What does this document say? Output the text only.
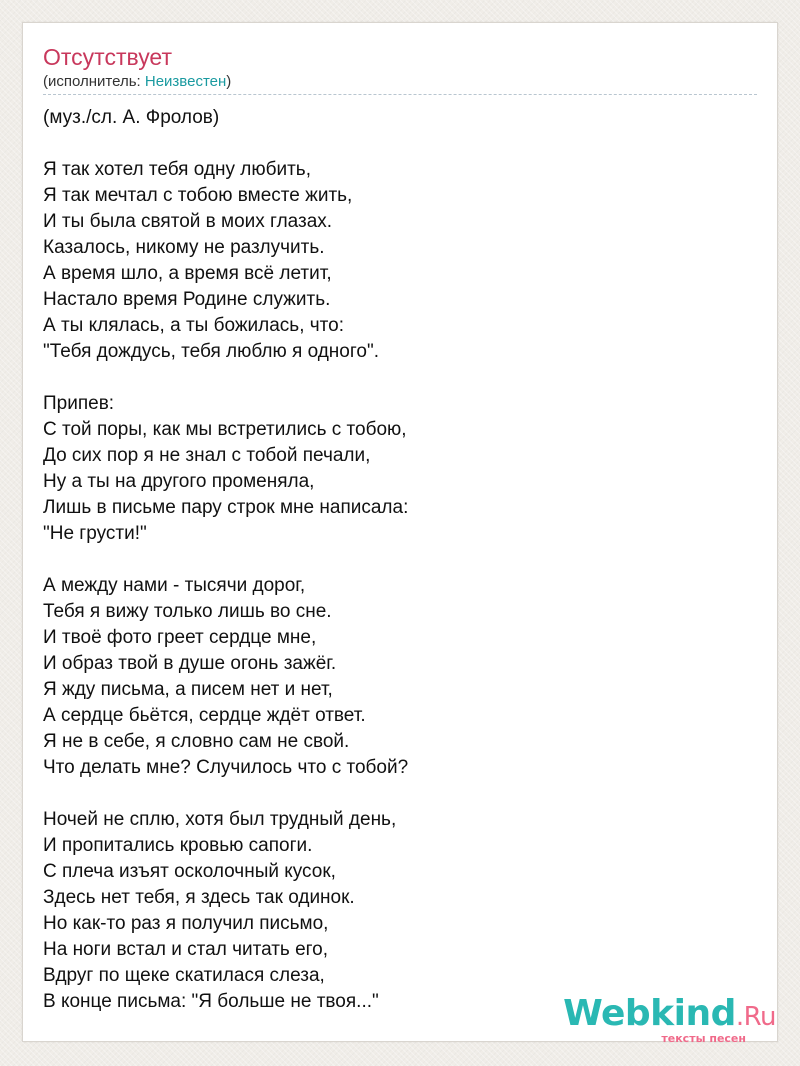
Отсутствует
(исполнитель: Неизвестен)
(муз./сл. А. Фролов)
Я так хотел тебя одну любить,
Я так мечтал с тобою вместе жить,
И ты была святой в моих глазах.
Казалось, никому не разлучить.
А время шло, а время всё летит,
Настало время Родине служить.
А ты клялась, а ты божилась, что:
"Тебя дождусь, тебя люблю я одного".
Припев:
С той поры, как мы встретились с тобою,
До сих пор я не знал с тобой печали,
Ну а ты на другого променяла,
Лишь в письме пару строк мне написала:
"Не грусти!"
А между нами - тысячи дорог,
Тебя я вижу только лишь во сне.
И твоё фото греет сердце мне,
И образ твой в душе огонь зажёг.
Я жду письма, а писем нет и нет,
А сердце бьётся, сердце ждёт ответ.
Я не в себе, я словно сам не свой.
Что делать мне? Случилось что с тобой?
Ночей не сплю, хотя был трудный день,
И пропитались кровью сапоги.
С плеча изъят осколочный кусок,
Здесь нет тебя, я здесь так одинок.
Но как-то раз я получил письмо,
На ноги встал и стал читать его,
Вдруг по щеке скатилася слеза,
В конце письма: "Я больше не твоя..."	Webkind.Ru
тексты песен
